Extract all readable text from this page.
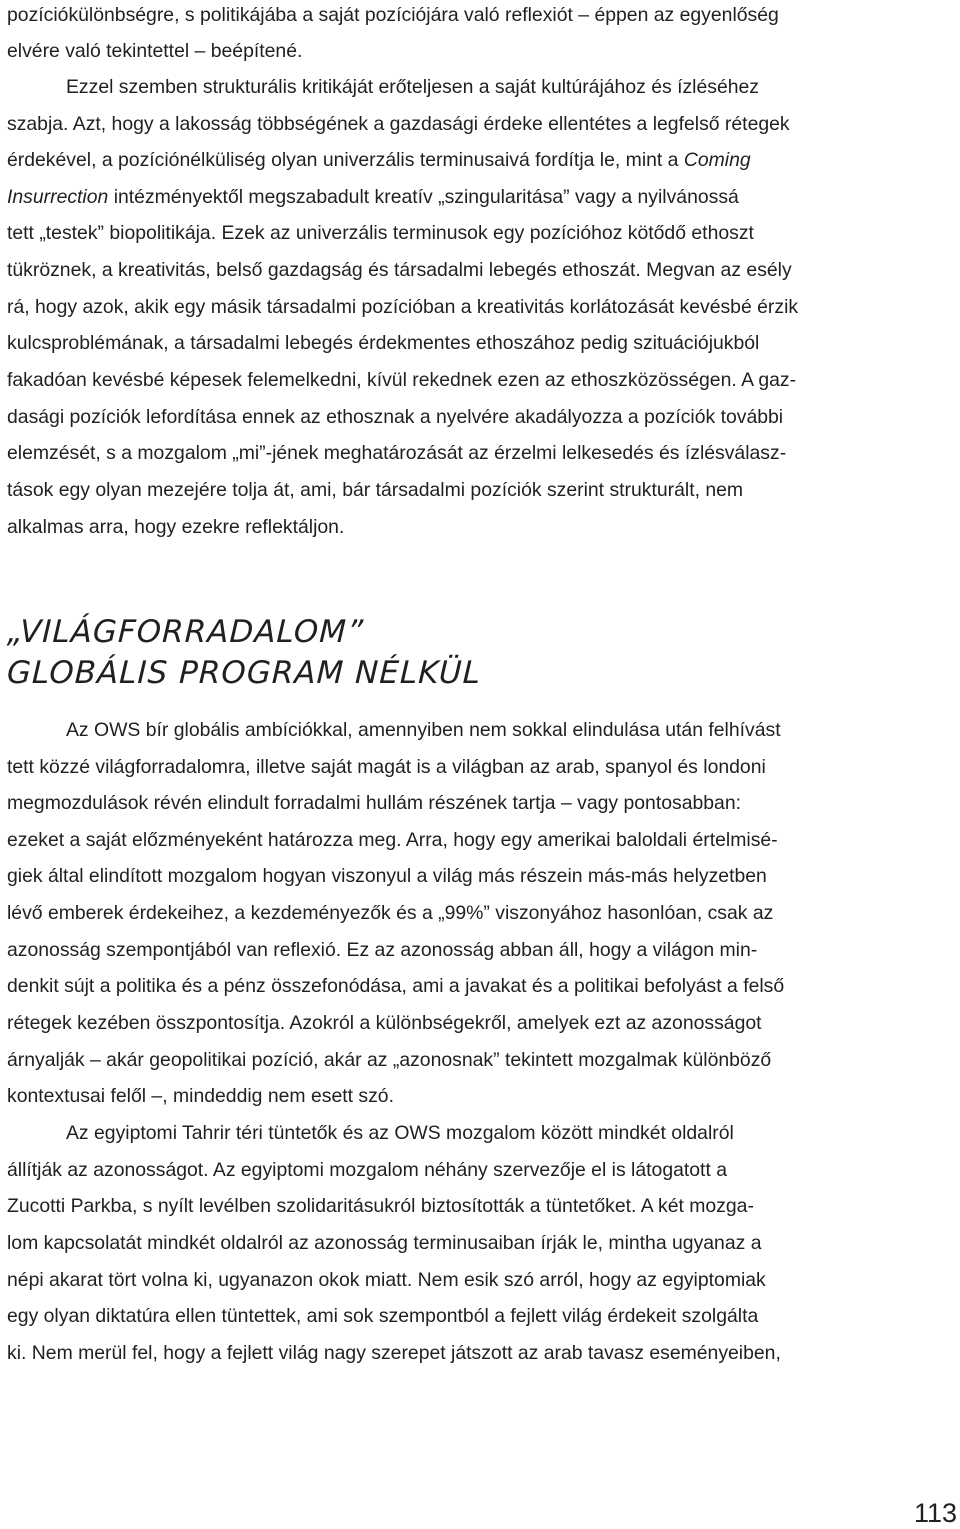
pozíciókülönbségre, s politikájába a saját pozíciójára való reflexiót – éppen az egyenlőség
elvére való tekintettel – beépítené.
Ezzel szemben strukturális kritikáját erőteljesen a saját kultúrájához és ízléséhez
szabja. Azt, hogy a lakosság többségének a gazdasági érdeke ellentétes a legfelső rétegek
érdekével, a pozíciónélküliség olyan univerzális terminusaivá fordítja le, mint a Coming
Insurrection intézményektől megszabadult kreatív „szingularitása” vagy a nyilvánossá
tett „testek” biopolitikája. Ezek az univerzális terminusok egy pozícióhoz kötődő ethoszt
tükröznek, a kreativitás, belső gazdagság és társadalmi lebegés ethoszát. Megvan az esély
rá, hogy azok, akik egy másik társadalmi pozícióban a kreativitás korlátozását kevésbé érzik
kulcsproblémának, a társadalmi lebegés érdekmentes ethoszához pedig szituációjukból
fakadóan kevésbé képesek felemelkedni, kívül rekednek ezen az ethoszközösségen. A gaz-
dasági pozíciók lefordítása ennek az ethosznak a nyelvére akadályozza a pozíciók további
elemzését, s a mozgalom „mi”-jének meghatározását az érzelmi lelkesedés és ízlésválasz-
tások egy olyan mezejére tolja át, ami, bár társadalmi pozíciók szerint strukturált, nem
alkalmas arra, hogy ezekre reflektáljon.
„VILÁGFORRADALOM”
GLOBÁLIS PROGRAM NÉLKÜL
Az OWS bír globális ambíciókkal, amennyiben nem sokkal elindulása után felhívást
tett közzé világforradalomra, illetve saját magát is a világban az arab, spanyol és londoni
megmozdulások révén elindult forradalmi hullám részének tartja – vagy pontosabban:
ezeket a saját előzményeként határozza meg. Arra, hogy egy amerikai baloldali értelmisé-
giek által elindított mozgalom hogyan viszonyul a világ más részein más-más helyzetben
lévő emberek érdekeihez, a kezdeményezők és a „99%” viszonyához hasonlóan, csak az
azonosság szempontjából van reflexió. Ez az azonosság abban áll, hogy a világon min-
denkit sújt a politika és a pénz összefonódása, ami a javakat és a politikai befolyást a felső
rétegek kezében összpontosítja. Azokról a különbségekről, amelyek ezt az azonosságot
árnyalják – akár geopolitikai pozíció, akár az „azonosnak” tekintett mozgalmak különböző
kontextusai felől –, mindeddig nem esett szó.
Az egyiptomi Tahrir téri tüntetők és az OWS mozgalom között mindkét oldalról
állítják az azonosságot. Az egyiptomi mozgalom néhány szervezője el is látogatott a
Zucotti Parkba, s nyílt levélben szolidaritásukról biztosították a tüntetőket. A két mozga-
lom kapcsolatát mindkét oldalról az azonosság terminusaiban írják le, mintha ugyanaz a
népi akarat tört volna ki, ugyanazon okok miatt. Nem esik szó arról, hogy az egyiptomiak
egy olyan diktatúra ellen tüntettek, ami sok szempontból a fejlett világ érdekeit szolgálta
ki. Nem merül fel, hogy a fejlett világ nagy szerepet játszott az arab tavasz eseményeiben,
113
